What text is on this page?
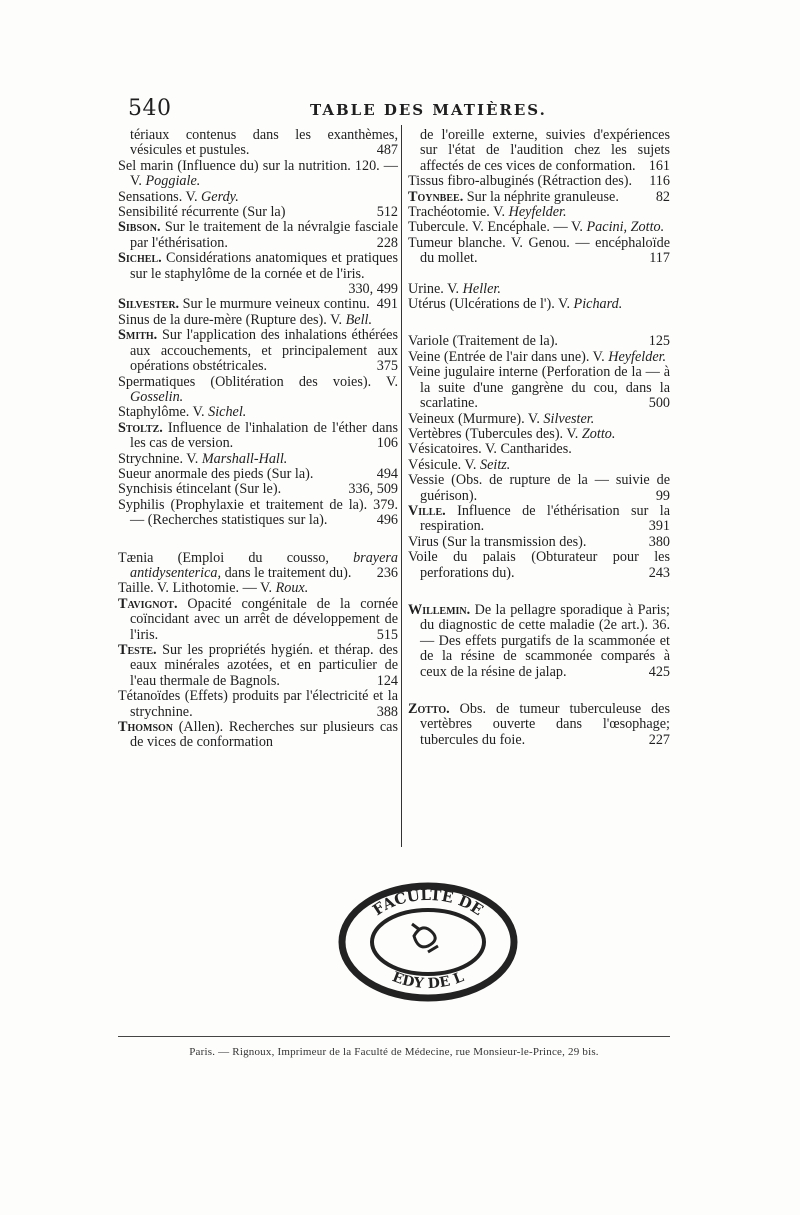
540	TABLE DES MATIÈRES.

tériaux contenus dans les exanthèmes, vésicules et pustules.	487

Sel marin (Influence du) sur la nutrition. 120. — V. Poggiale.

Sensations. V. Gerdy.

Sensibilité récurrente (Sur la)	512

Sibson. Sur le traitement de la névralgie fasciale par l'éthérisation.	228

Sichel. Considérations anatomiques et pratiques sur le staphylôme de la cornée et de l'iris.
330, 499

Silvester. Sur le murmure veineux continu. 491

Sinus de la dure-mère (Rupture des). V. Bell.

Smith. Sur l'application des inhalations éthérées aux accouchements, et principalement aux opérations obstétricales.	375

Spermatiques (Oblitération des voies). V. Gosselin.

Staphylôme. V. Sichel.

Stoltz. Influence de l'inhalation de l'éther dans les cas de version.	106

Strychnine. V. Marshall-Hall.

Sueur anormale des pieds (Sur la).	494

Synchisis étincelant (Sur le).	336, 509

Syphilis (Prophylaxie et traitement de la). 379. — (Recherches statistiques sur la).	496

Tænia (Emploi du cousso, brayera antidysenterica, dans le traitement du).	236

Taille. V. Lithotomie. — V. Roux.

Tavignot. Opacité congénitale de la cornée coïncidant avec un arrêt de développement de l'iris.	515

Teste. Sur les propriétés hygién. et thérap. des eaux minérales azotées, et en particulier de l'eau thermale de Bagnols.	124

Tétanoïdes (Effets) produits par l'électricité et la strychnine.	388

Thomson (Allen). Recherches sur plusieurs cas de vices de conformation

de l'oreille externe, suivies d'expériences sur l'état de l'audition chez les sujets affectés de ces vices de conformation. 161

Tissus fibro-albuginés (Rétraction des).	116

Toynbee. Sur la néphrite granuleuse.	82

Trachéotomie. V. Heyfelder.

Tubercule. V. Encéphale. — V. Pacini, Zotto.

Tumeur blanche. V. Genou. — encéphaloïde du mollet.	117

Urine. V. Heller.

Utérus (Ulcérations de l'). V. Pichard.

Variole (Traitement de la).	125

Veine (Entrée de l'air dans une). V. Heyfelder.

Veine jugulaire interne (Perforation de la — à la suite d'une gangrène du cou, dans la scarlatine.	500

Veineux (Murmure). V. Silvester.

Vertèbres (Tubercules des). V. Zotto.

Vésicatoires. V. Cantharides.

Vésicule. V. Seitz.

Vessie (Obs. de rupture de la — suivie de guérison).	99

Ville. Influence de l'éthérisation sur la respiration.	391

Virus (Sur la transmission des).	380

Voile du palais (Obturateur pour les perforations du).	243

Willemin. De la pellagre sporadique à Paris; du diagnostic de cette maladie (2e art.). 36.— Des effets purgatifs de la scammonée et de la résine de scammonée comparés à ceux de la résine de jalap.	425

Zotto. Obs. de tumeur tuberculeuse des vertèbres ouverte dans l'œsophage; tubercules du foie.	227

FACULTÉ DE
ÉDY DE L
Paris. — Rignoux, Imprimeur de la Faculté de Médecine, rue Monsieur-le-Prince, 29 bis.
